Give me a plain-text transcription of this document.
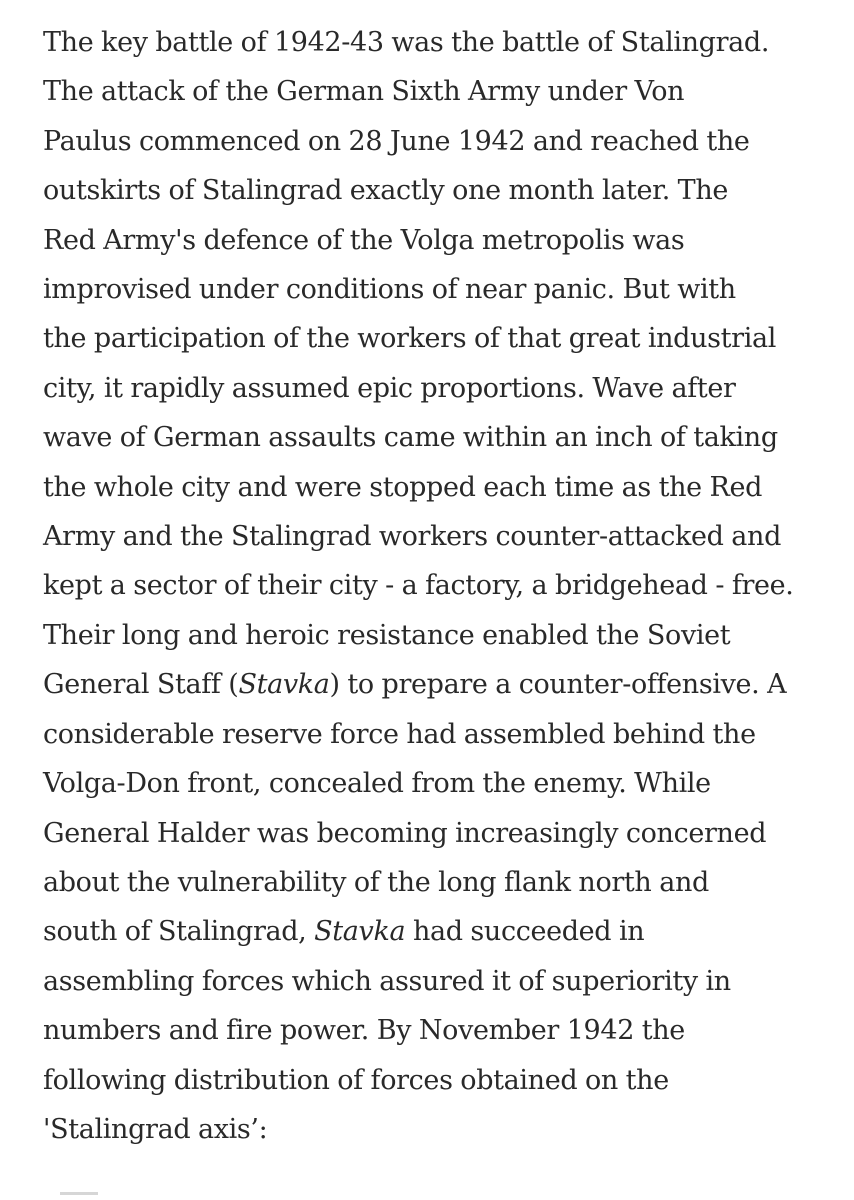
The key battle of 1942-43 was the battle of Stalingrad.
The attack of the German Sixth Army under Von
Paulus commenced on 28 June 1942 and reached the
outskirts of Stalingrad exactly one month later. The
Red Army's defence of the Volga metropolis was
improvised under conditions of near panic. But with
the participation of the workers of that great industrial
city, it rapidly assumed epic proportions. Wave after
wave of German assaults came within an inch of taking
the whole city and were stopped each time as the Red
Army and the Stalingrad workers counter-attacked and
kept a sector of their city - a factory, a bridgehead - free.
Their long and heroic resistance enabled the Soviet
General Staff (Stavka) to prepare a counter-offensive. A
considerable reserve force had assembled behind the
Volga-Don front, concealed from the enemy. While
General Halder was becoming increasingly concerned
about the vulnerability of the long flank north and
south of Stalingrad, Stavka had succeeded in
assembling forces which assured it of superiority in
numbers and fire power. By November 1942 the
following distribution of forces obtained on the
'Stalingrad axis’:
